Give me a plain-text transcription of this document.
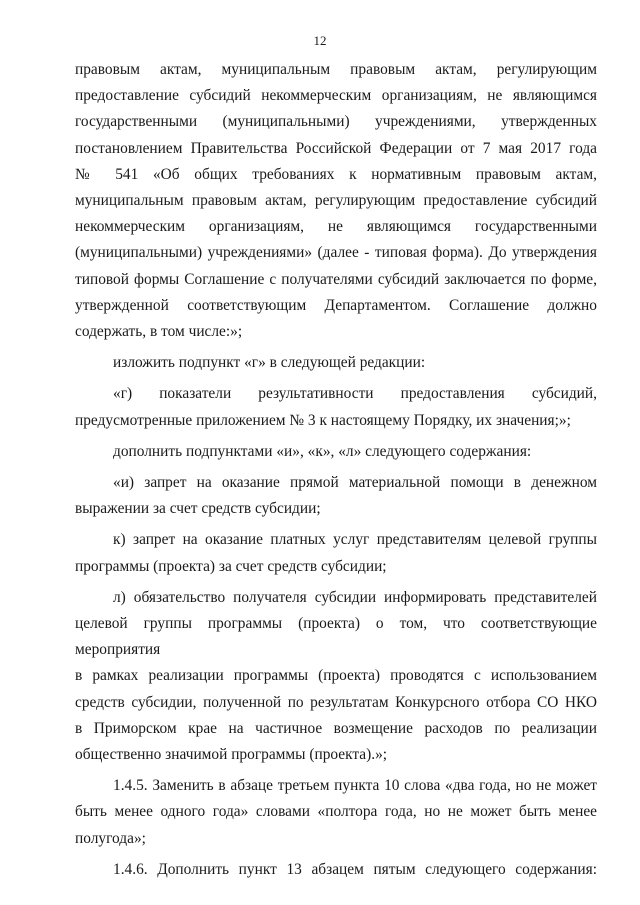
12

правовым актам, муниципальным правовым актам, регулирующим

предоставление субсидий некоммерческим организациям, не являющимся

государственными (муниципальными) учреждениями, утвержденных

постановлением Правительства Российской Федерации от 7 мая 2017 года

№ 541 «Об общих требованиях к нормативным правовым актам,

муниципальным правовым актам, регулирующим предоставление субсидий

некоммерческим организациям, не являющимся государственными

(муниципальными) учреждениями» (далее - типовая форма). До утверждения

типовой формы Соглашение с получателями субсидий заключается по форме,

утвержденной соответствующим Департаментом. Соглашение должно

содержать, в том числе:»;

изложить подпункт «г» в следующей редакции:

«г) показатели результативности предоставления субсидий,

предусмотренные приложением № 3 к настоящему Порядку, их значения;»;

дополнить подпунктами «и», «к», «л» следующего содержания:

«и) запрет на оказание прямой материальной помощи в денежном

выражении за счет средств субсидии;

к) запрет на оказание платных услуг представителям целевой группы

программы (проекта) за счет средств субсидии;

л) обязательство получателя субсидии информировать представителей

целевой группы программы (проекта) о том, что соответствующие мероприятия

в рамках реализации программы (проекта) проводятся с использованием

средств субсидии, полученной по результатам Конкурсного отбора СО НКО

в Приморском крае на частичное возмещение расходов по реализации

общественно значимой программы (проекта).»;

1.4.5. Заменить в абзаце третьем пункта 10 слова «два года, но не может

быть менее одного года» словами «полтора года, но не может быть менее

полугода»;

1.4.6. Дополнить пункт 13 абзацем пятым следующего содержания:
